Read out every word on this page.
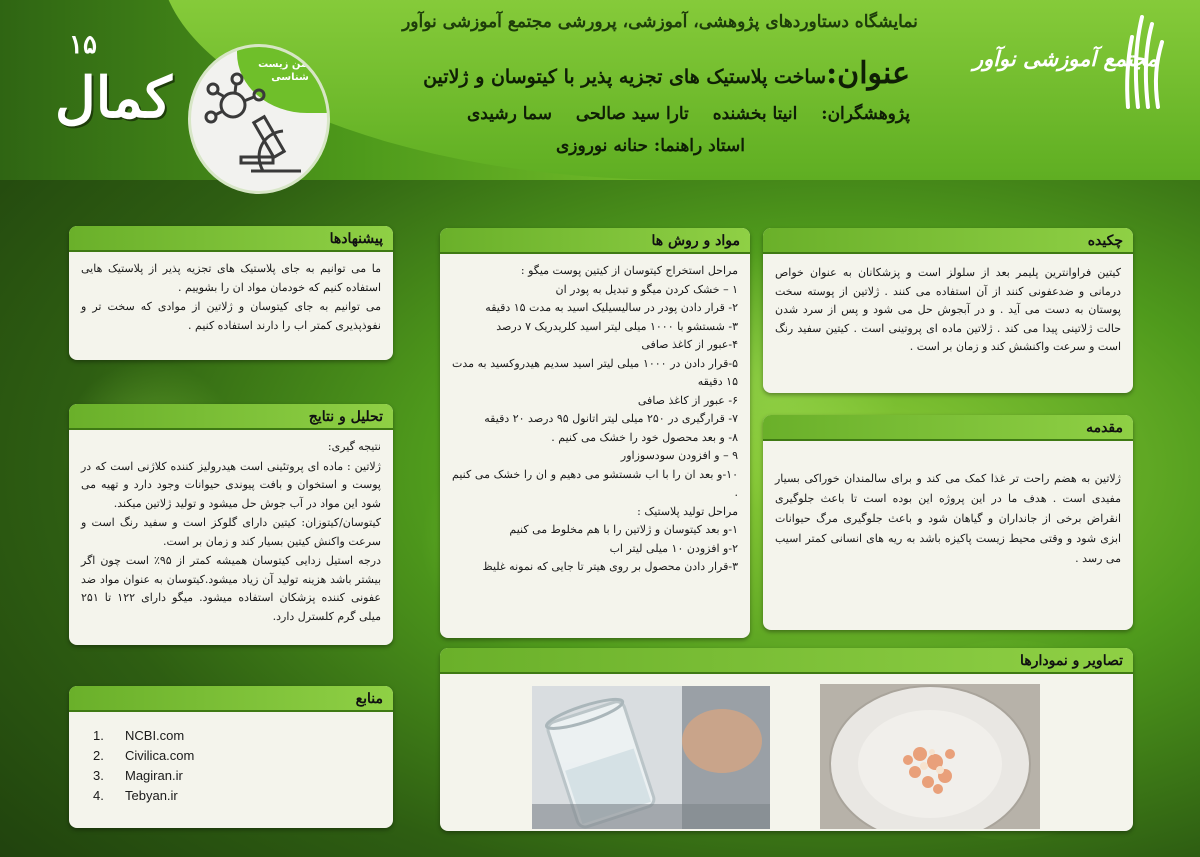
نمایشگاه دستاوردهای پژوهشی، آموزشی، پرورشی مجتمع آموزشی نوآور
عنوان:ساخت پلاستیک های تجزیه پذیر با کیتوسان و ژلاتین
پژوهشگران: انیتا بخشنده تارا سید صالحی سما رشیدی
استاد راهنما: حنانه نوروزی
مجتمع آموزشی نوآور
۱۵
کمال
انجمن زیست شناسی
چکیده
کیتین فراوانترین پلیمر بعد از سلولز است و پزشکانان به عنوان خواص درمانی و ضدعفونی کنند از آن استفاده می کنند . ژلاتین از پوسته سخت پوستان به دست می آید . و در آبجوش حل می شود و پس از سرد شدن حالت ژلاتینی پیدا می کند . ژلاتین ماده ای پروتینی است . کیتین سفید رنگ است و سرعت واکنشش کند و زمان بر است .
مقدمه
ژلاتین به هضم راحت تر غذا کمک می کند و برای سالمندان خوراکی بسیار مفیدی است . هدف ما در این پروژه این بوده است تا باعث جلوگیری انقراض برخی از جانداران و گیاهان شود و باعث جلوگیری مرگ حیوانات ابزی شود و وقتی محیط زیست پاکیزه باشد به ریه های انسانی کمتر اسیب می رسد .
مواد و روش ها
مراحل استخراج کیتوسان از کیتین پوست میگو :
۱ – خشک کردن میگو و تبدیل به پودر ان
۲- قرار دادن پودر در سالیسیلیک اسید به مدت ۱۵ دقیقه
۳- شستشو با ۱۰۰۰ میلی لیتر اسید کلریدریک ۷ درصد
۴-عبور از کاغذ صافی
۵-قرار دادن در ۱۰۰۰ میلی لیتر اسید سدیم هیدروکسید به مدت ۱۵ دقیقه
۶- عبور از کاغذ صافی
۷- قرارگیری در ۲۵۰ میلی لیتر اتانول ۹۵ درصد ۲۰ دقیقه
۸- و بعد محصول خود را خشک می کنیم .
۹ – و افزودن سودسوزاور
۱۰-و بعد ان را با اب شستشو می دهیم و ان را خشک می کنیم .
مراحل تولید پلاستیک :
۱-و بعد کیتوسان و ژلاتین را با هم مخلوط می کنیم
۲-و افزودن ۱۰ میلی لیتر اب
۳-قرار دادن محصول بر روی هیتر تا جایی که نمونه غلیظ
پیشنهادها

ما می توانیم به جای پلاستیک های تجزیه پذیر از پلاستیک هایی استفاده کنیم که خودمان مواد ان را بشوییم .

می توانیم به جای کیتوسان و ژلاتین از موادی که سخت تر و نفوذپذیری کمتر اب را دارند استفاده کنیم .

تحلیل و نتایج

نتیجه گیری:

ژلاتین : ماده ای پروتئینی است هیدرولیز کننده کلاژنی است که در پوست و استخوان و بافت پیوندی حیوانات وجود دارد و تهیه می شود این مواد در آب جوش حل میشود و تولید ژلاتین میکند.

کیتوسان/کیتوزان: کیتین دارای گلوکز است و سفید رنگ است و سرعت واکنش کیتین بسیار کند و زمان بر است.

درجه استیل زدایی کیتوسان همیشه کمتر از ۹۵٪ است چون اگر بیشتر باشد هزینه تولید آن زیاد میشود.کیتوسان به عنوان مواد ضد عفونی کننده پزشکان استفاده میشود. میگو دارای ۱۲۲ تا ۲۵۱ میلی گرم کلسترل دارد.

منابع
1.	NCBI.com
2.	Civilica.com
3.	Magiran.ir
4.	Tebyan.ir
تصاویر و نمودارها
